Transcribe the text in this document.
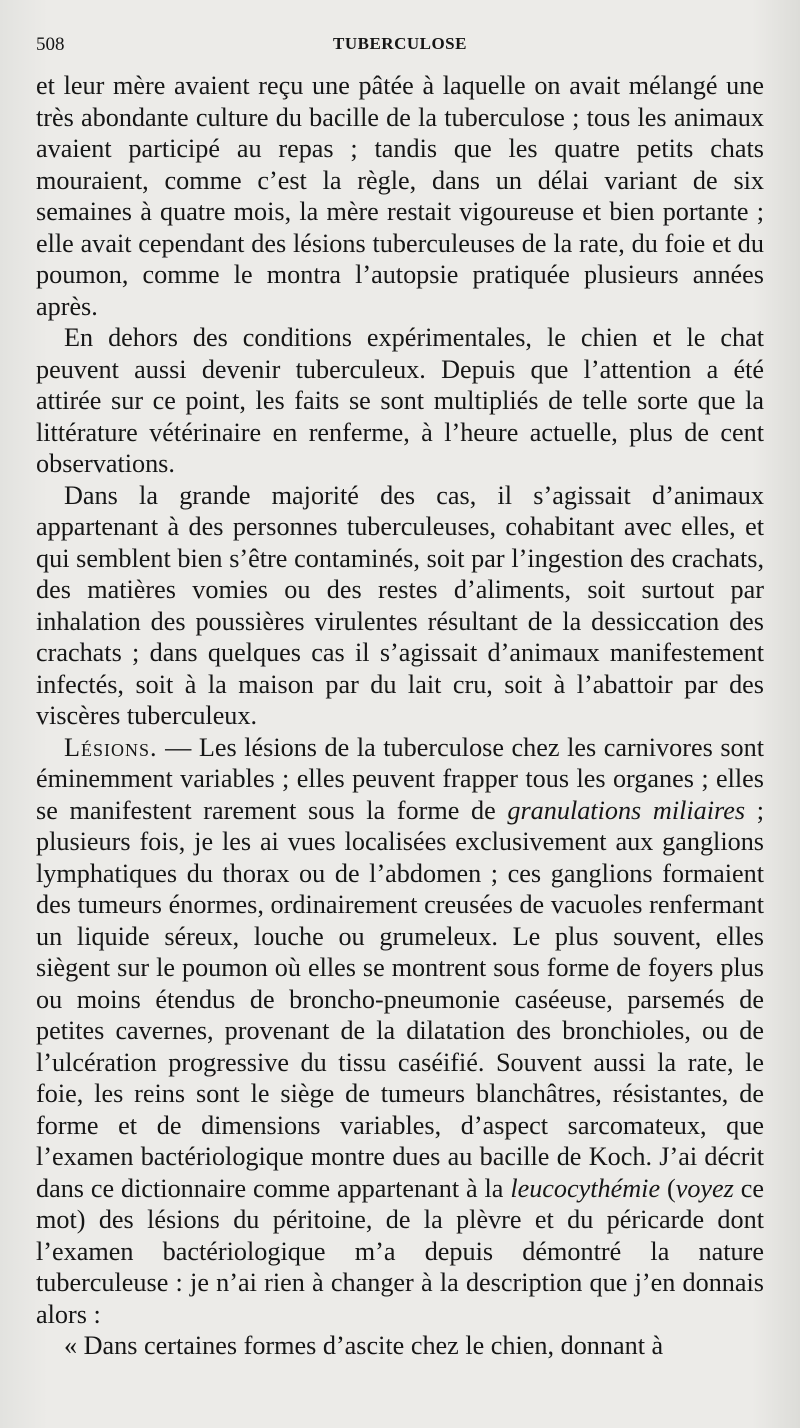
508	TUBERCULOSE

et leur mère avaient reçu une pâtée à laquelle on avait mélangé une très abondante culture du bacille de la tuberculose ; tous les animaux avaient participé au repas ; tandis que les quatre petits chats mouraient, comme c’est la règle, dans un délai variant de six semaines à quatre mois, la mère restait vigoureuse et bien portante ; elle avait cependant des lésions tuberculeuses de la rate, du foie et du poumon, comme le montra l’autopsie pratiquée plusieurs années après.

En dehors des conditions expérimentales, le chien et le chat peuvent aussi devenir tuberculeux. Depuis que l’attention a été attirée sur ce point, les faits se sont multipliés de telle sorte que la littérature vétérinaire en renferme, à l’heure actuelle, plus de cent observations.

Dans la grande majorité des cas, il s’agissait d’animaux appartenant à des personnes tuberculeuses, cohabitant avec elles, et qui semblent bien s’être contaminés, soit par l’ingestion des crachats, des matières vomies ou des restes d’aliments, soit surtout par inhalation des poussières virulentes résultant de la dessiccation des crachats ; dans quelques cas il s’agissait d’animaux manifestement infectés, soit à la maison par du lait cru, soit à l’abattoir par des viscères tuberculeux.

Lésions. — Les lésions de la tuberculose chez les carnivores sont éminemment variables ; elles peuvent frapper tous les organes ; elles se manifestent rarement sous la forme de granulations miliaires ; plusieurs fois, je les ai vues localisées exclusivement aux ganglions lymphatiques du thorax ou de l’abdomen ; ces ganglions formaient des tumeurs énormes, ordinairement creusées de vacuoles renfermant un liquide séreux, louche ou grumeleux. Le plus souvent, elles siègent sur le poumon où elles se montrent sous forme de foyers plus ou moins étendus de broncho-pneumonie caséeuse, parsemés de petites cavernes, provenant de la dilatation des bronchioles, ou de l’ulcération progressive du tissu caséifié. Souvent aussi la rate, le foie, les reins sont le siège de tumeurs blanchâtres, résistantes, de forme et de dimensions variables, d’aspect sarcomateux, que l’examen bactériologique montre dues au bacille de Koch. J’ai décrit dans ce dictionnaire comme appartenant à la leucocythémie (voyez ce mot) des lésions du péritoine, de la plèvre et du péricarde dont l’examen bactériologique m’a depuis démontré la nature tuberculeuse : je n’ai rien à changer à la description que j’en donnais alors :

« Dans certaines formes d’ascite chez le chien, donnant à
